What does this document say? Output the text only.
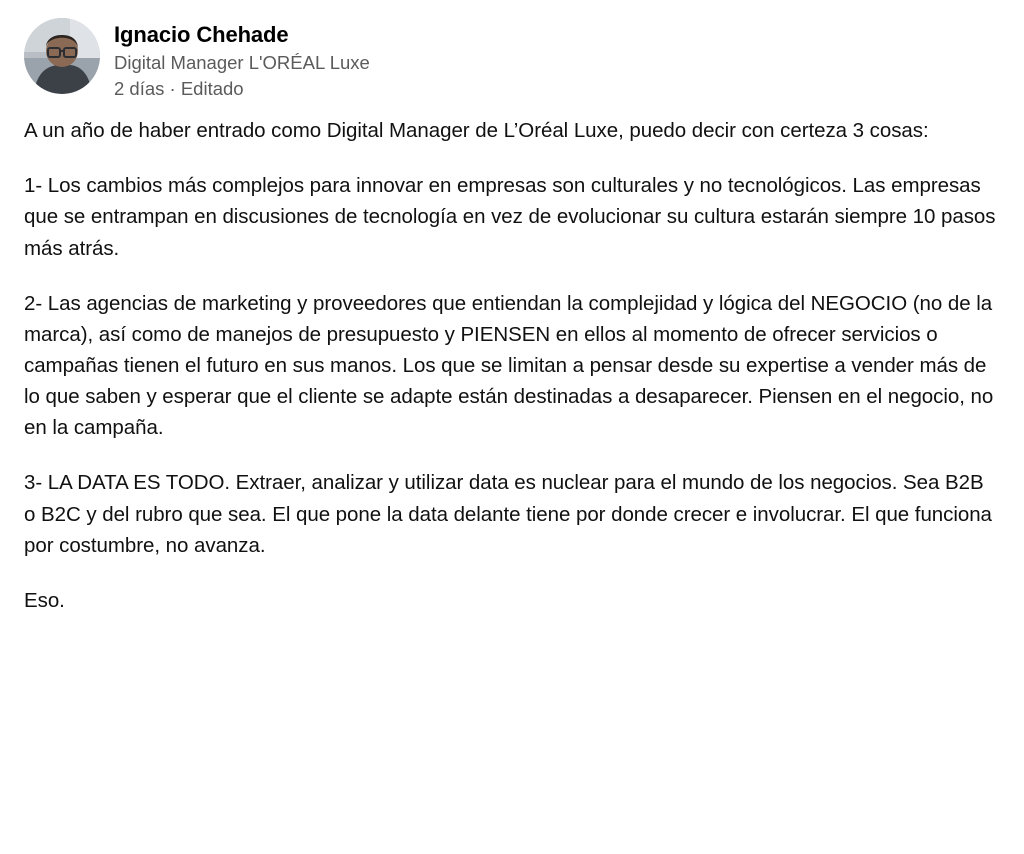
Ignacio Chehade
Digital Manager L'ORÉAL Luxe
2 días · Editado

A un año de haber entrado como Digital Manager de L’Oréal Luxe, puedo decir con certeza 3 cosas:

1- Los cambios más complejos para innovar en empresas son culturales y no tecnológicos. Las empresas que se entrampan en discusiones de tecnología en vez de evolucionar su cultura estarán siempre 10 pasos más atrás.

2- Las agencias de marketing y proveedores que entiendan la complejidad y lógica del NEGOCIO (no de la marca), así como de manejos de presupuesto y PIENSEN en ellos al momento de ofrecer servicios o campañas tienen el futuro en sus manos. Los que se limitan a pensar desde su expertise a vender más de lo que saben y esperar que el cliente se adapte están destinadas a desaparecer. Piensen en el negocio, no en la campaña.

3- LA DATA ES TODO. Extraer, analizar y utilizar data es nuclear para el mundo de los negocios. Sea B2B o B2C y del rubro que sea. El que pone la data delante tiene por donde crecer e involucrar. El que funciona por costumbre, no avanza.

Eso.
